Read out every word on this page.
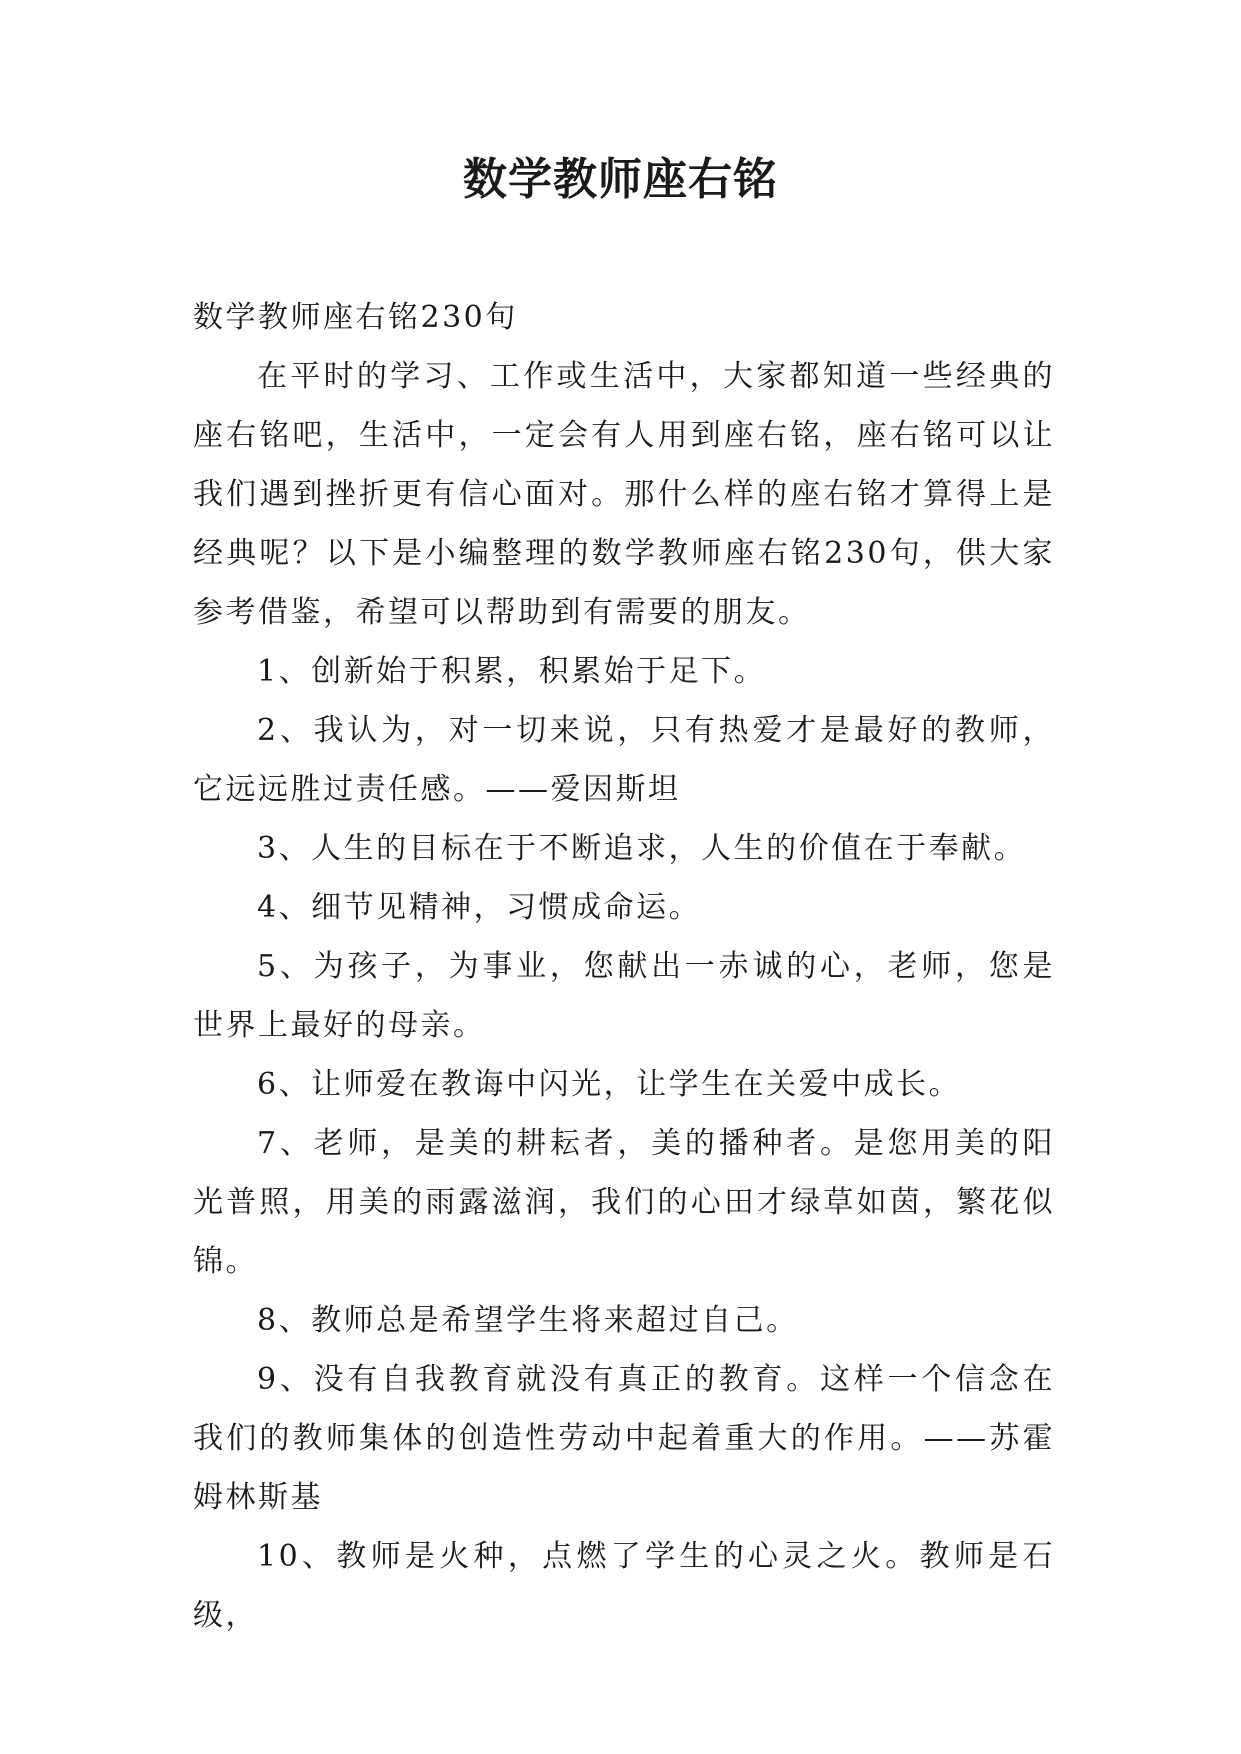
数学教师座右铭

数学教师座右铭230句

在平时的学习、工作或生活中，大家都知道一些经典的座右铭吧，生活中，一定会有人用到座右铭，座右铭可以让我们遇到挫折更有信心面对。那什么样的座右铭才算得上是经典呢？以下是小编整理的数学教师座右铭230句，供大家参考借鉴，希望可以帮助到有需要的朋友。

1、创新始于积累，积累始于足下。

2、我认为，对一切来说，只有热爱才是最好的教师，它远远胜过责任感。——爱因斯坦

3、人生的目标在于不断追求，人生的价值在于奉献。

4、细节见精神，习惯成命运。

5、为孩子，为事业，您献出一赤诚的心，老师，您是世界上最好的母亲。

6、让师爱在教诲中闪光，让学生在关爱中成长。

7、老师，是美的耕耘者，美的播种者。是您用美的阳光普照，用美的雨露滋润，我们的心田才绿草如茵，繁花似锦。

8、教师总是希望学生将来超过自己。

9、没有自我教育就没有真正的教育。这样一个信念在我们的教师集体的创造性劳动中起着重大的作用。——苏霍姆林斯基

10、教师是火种，点燃了学生的心灵之火。教师是石级，
